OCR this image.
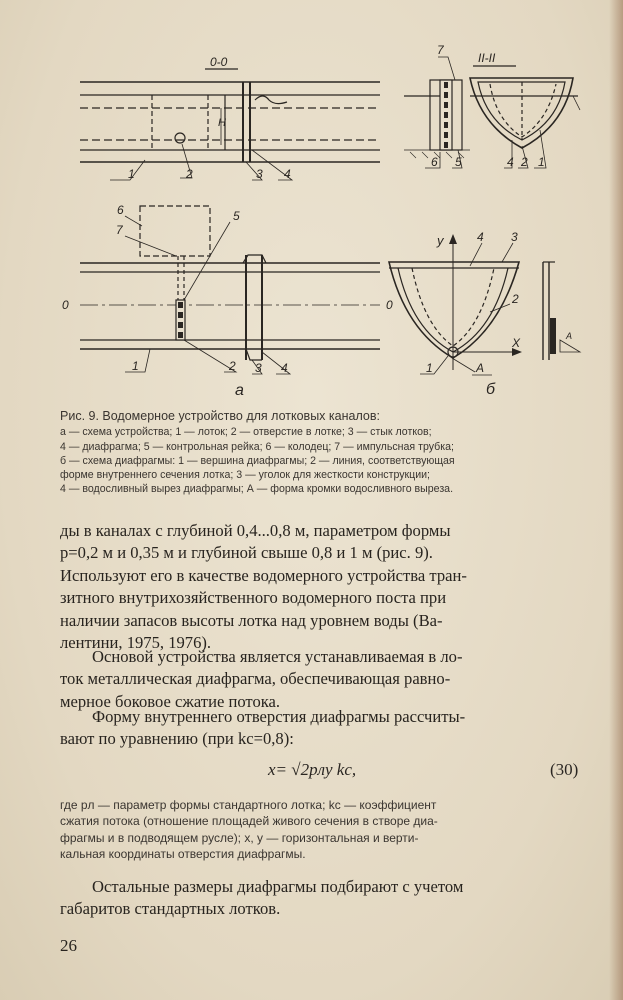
0-0
H
1	2	3 4
II-II
7
6 5	4 2 1
6
7
5
0	0
1	2 3 4
а
y
X
A
1
2
4 3
A
б
Рис. 9. Водомерное устройство для лотковых каналов:
а — схема устройства; 1 — лоток; 2 — отверстие в лотке; 3 — стык лотков;
4 — диафрагма; 5 — контрольная рейка; 6 — колодец; 7 — импульсная трубка;
б — схема диафрагмы: 1 — вершина диафрагмы; 2 — линия, соответствующая
форме внутреннего сечения лотка; 3 — уголок для жесткости конструкции;
4 — водосливный вырез диафрагмы; А — форма кромки водосливного выреза.
ды в каналах с глубиной 0,4...0,8 м, параметром формы
p=0,2 м и 0,35 м и глубиной свыше 0,8 и 1 м (рис. 9).
Используют его в качестве водомерного устройства тран-
зитного внутрихозяйственного водомерного поста при
наличии запасов высоты лотка над уровнем воды (Ва-
лентини, 1975, 1976).
Основой устройства является устанавливаемая в ло-
ток металлическая диафрагма, обеспечивающая равно-
мерное боковое сжатие потока.
Форму внутреннего отверстия диафрагмы рассчиты-
вают по уравнению (при kc=0,8):
x= √2pлy kc,	(30)
где pл — параметр формы стандартного лотка; kc — коэффициент
сжатия потока (отношение площадей живого сечения в створе диа-
фрагмы и в подводящем русле); x, y — горизонтальная и верти-
кальная координаты отверстия диафрагмы.
Остальные размеры диафрагмы подбирают с учетом
габаритов стандартных лотков.
26
